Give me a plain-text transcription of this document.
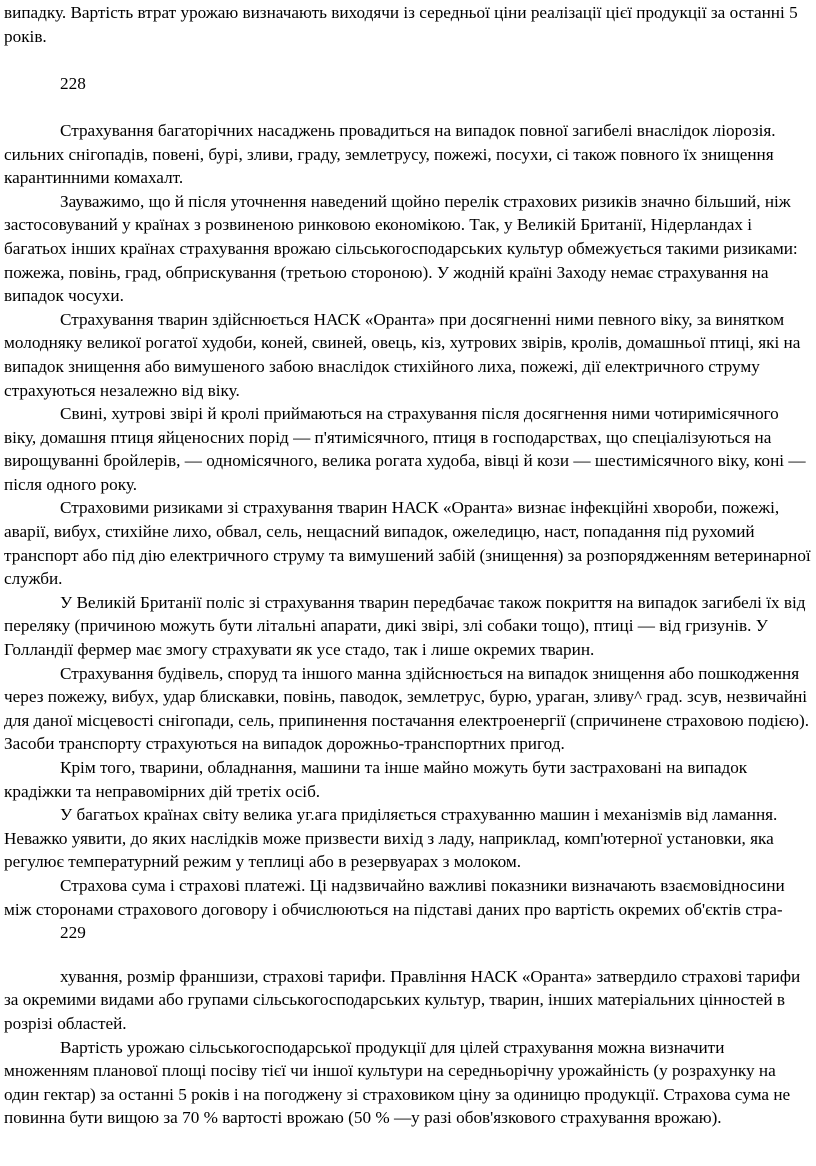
випадку. Вартість втрат урожаю визначають виходячи із середньої ціни реалізації цієї продукції за останні 5 років.

228

Страхування багаторічних насаджень провадиться на випадок повної загибелі внаслідок ліорозія. сильних снігопадів, повені, бурі, зливи, граду, землетрусу, пожежі, посухи, сі також повного їх знищення карантинними комахалт.

Зауважимо, що й після уточнення наведений щойно перелік страхових ризиків значно більший, ніж застосовуваний у країнах з розвиненою ринковою економікою. Так, у Великій Британії, Нідерландах і багатьох інших країнах страхування врожаю сільськогосподарських культур обмежується такими ризиками: пожежа, повінь, град, обприскування (третьою стороною). У жодній країні Заходу немає страхування на випадок чосухи.

Страхування тварин здійснюється НАСК «Оранта» при досягненні ними певного віку, за винятком молодняку великої рогатої худоби, коней, свиней, овець, кіз, хутрових звірів, кролів, домашньої птиці, які на випадок знищення або вимушеного забою внаслідок стихійного лиха, пожежі, дії електричного струму страхуються незалежно від віку.

Свині, хутрові звірі й кролі приймаються на страхування після досягнення ними чотиримісячного віку, домашня птиця яйценосних порід — п'ятимісячного, птиця в господарствах, що спеціалізуються на вирощуванні бройлерів, — одномісячного, велика рогата худоба, вівці й кози — шестимісячного віку, коні — після одного року.

Страховими ризиками зі страхування тварин НАСК «Оранта» визнає інфекційні хвороби, пожежі, аварії, вибух, стихійне лихо, обвал, сель, нещасний випадок, ожеледицю, наст, попадання під рухомий транспорт або під дію електричного струму та вимушений забій (знищення) за розпорядженням ветеринарної служби.

У Великій Британії поліс зі страхування тварин передбачає також покриття на випадок загибелі їх від переляку (причиною можуть бути літальні апарати, дикі звірі, злі собаки тощо), птиці — від гризунів. У Голландії фермер має змогу страхувати як усе стадо, так і лише окремих тварин.

Страхування будівель, споруд та іншого манна здійснюється на випадок знищення або пошкодження через пожежу, вибух, удар блискавки, повінь, паводок, землетрус, бурю, ураган, зливу^ град. зсув, незвичайні для даної місцевості снігопади, сель, припинення постачання електроенергії (спричинене страховою подією). Засоби транспорту страхуються на випадок дорожньо-транспортних пригод.

Крім того, тварини, обладнання, машини та інше майно можуть бути застраховані на випадок крадіжки та неправомірних дій третіх осіб.

У багатьох країнах світу велика уг.ага приділяється страхуванню машин і механізмів від ламання. Неважко уявити, до яких наслідків може призвести вихід з ладу, наприклад, комп'ютерної установки, яка регулює температурний режим у теплиці або в резервуарах з молоком.

Страхова сума і страхові платежі. Ці надзвичайно важливі показники визначають взаємовідносини між сторонами страхового договору і обчислюються на підставі даних про вартість окремих об'єктів стра-

229

хування, розмір франшизи, страхові тарифи. Правління НАСК «Оранта» затвердило страхові тарифи за окремими видами або групами сільськогосподарських культур, тварин, інших матеріальних цінностей в розрізі областей.

Вартість урожаю сільськогосподарської продукції для цілей страхування можна визначити множенням планової площі посіву тієї чи іншої культури на середньорічну урожайність (у розрахунку на один гектар) за останні 5 років і на погоджену зі страховиком ціну за одиницю продукції. Страхова сума не повинна бути вищою за 70 % вартості врожаю (50 % —у разі обов'язкового страхування врожаю).
